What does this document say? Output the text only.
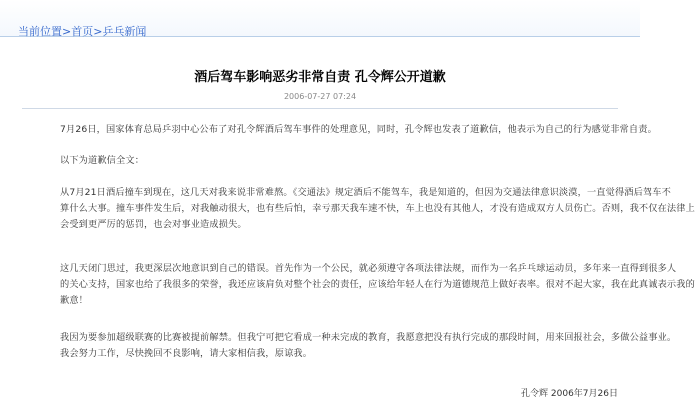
当前位置>首页>乒乓新闻
酒后驾车影响恶劣非常自责 孔令辉公开道歉
2006-07-27 07:24
7月26日，国家体育总局乒羽中心公布了对孔令辉酒后驾车事件的处理意见，同时，孔令辉也发表了道歉信，他表示为自己的行为感觉非常自责。
以下为道歉信全文：
从7月21日酒后撞车到现在，这几天对我来说非常难熬。《交通法》规定酒后不能驾车，我是知道的，但因为交通法律意识淡漠，一直觉得酒后驾车不
算什么大事。撞车事件发生后，对我触动很大，也有些后怕，幸亏那天我车速不快，车上也没有其他人，才没有造成双方人员伤亡。否则，我不仅在法律上
会受到更严厉的惩罚，也会对事业造成损失。
这几天闭门思过，我更深层次地意识到自己的错误。首先作为一个公民，就必须遵守各项法律法规，而作为一名乒乓球运动员，多年来一直得到很多人
的关心支持，国家也给了我很多的荣誉，我还应该肩负对整个社会的责任，应该给年轻人在行为道德规范上做好表率。很对不起大家，我在此真诚表示我的
歉意！
我因为要参加超级联赛的比赛被提前解禁。但我宁可把它看成一种未完成的教育，我愿意把没有执行完成的那段时间，用来回报社会，多做公益事业。
我会努力工作，尽快挽回不良影响，请大家相信我，原谅我。
孔令辉 2006年7月26日
